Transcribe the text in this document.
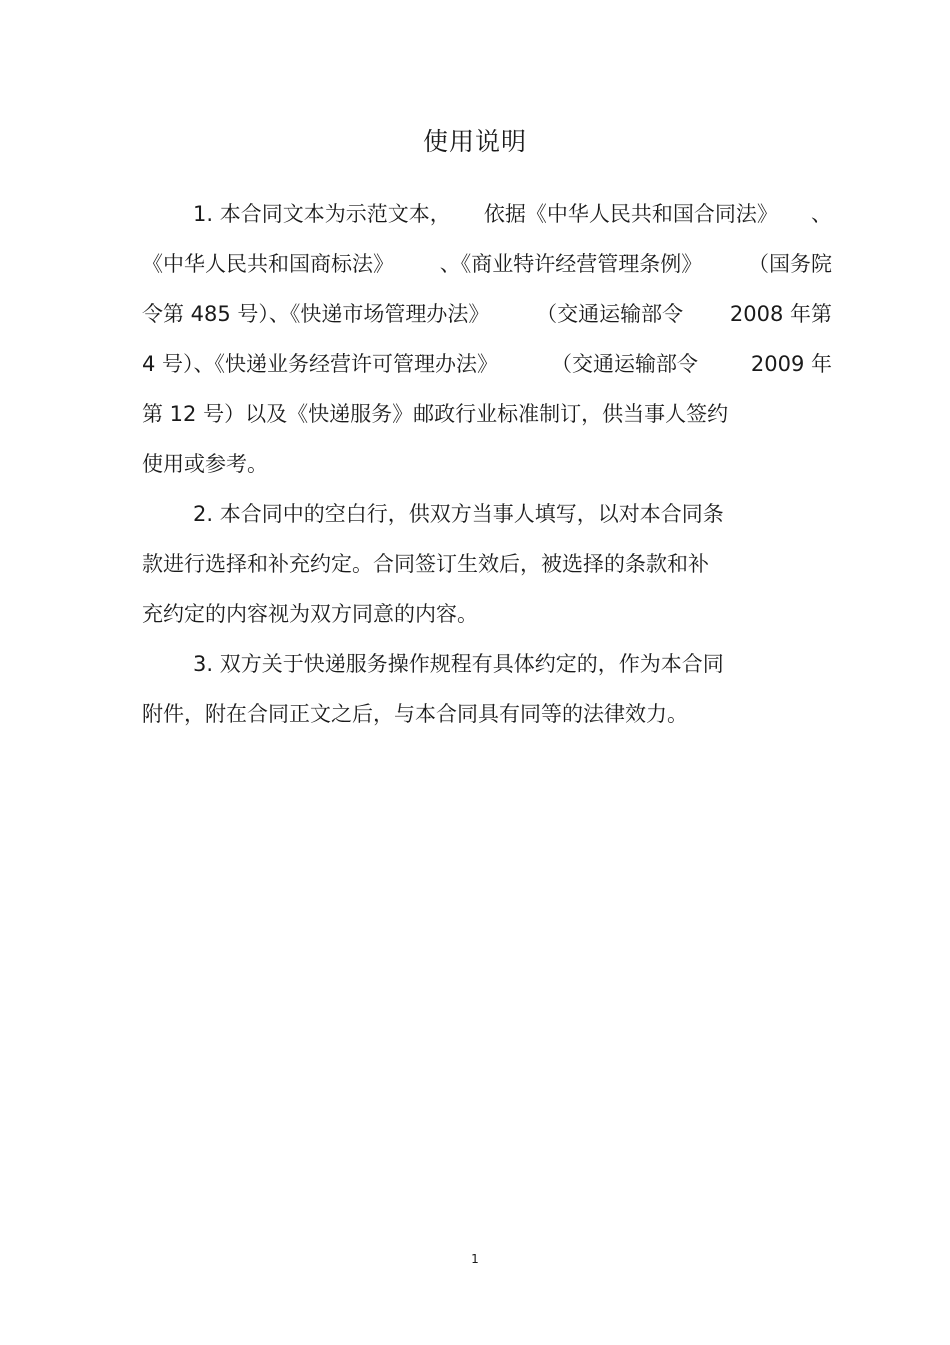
使用说明
1. 本合同文本为示范文本， 依据《中华人民共和国合同法》 、
《中华人民共和国商标法》 、《商业特许经营管理条例》 （国务院
令第 485 号）、《快递市场管理办法》 （交通运输部令 2008 年第
4 号）、《快递业务经营许可管理办法》	（交通运输部令	2009 年
第 12 号）以及《快递服务》邮政行业标准制订，供当事人签约
使用或参考。
2. 本合同中的空白行，供双方当事人填写，以对本合同条
款进行选择和补充约定。合同签订生效后，被选择的条款和补
充约定的内容视为双方同意的内容。
3. 双方关于快递服务操作规程有具体约定的，作为本合同
附件，附在合同正文之后，与本合同具有同等的法律效力。
1
